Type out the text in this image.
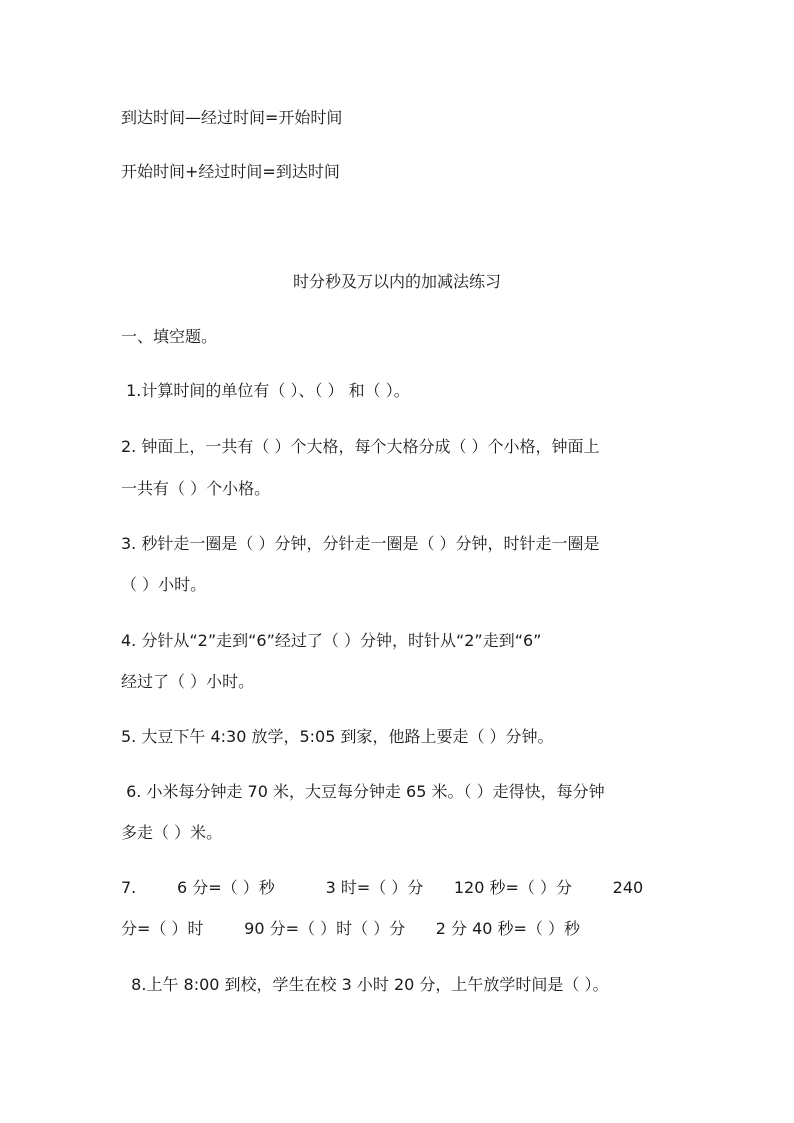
到达时间—经过时间=开始时间

开始时间+经过时间=到达时间

时分秒及万以内的加减法练习

一、填空题。

1.计算时间的单位有（ ）、（ ） 和（ ）。

2. 钟面上，一共有（ ）个大格，每个大格分成（ ）个小格，钟面上

一共有（ ）个小格。

3. 秒针走一圈是（ ）分钟，分针走一圈是（ ）分钟，时针走一圈是

（ ）小时。

4. 分针从“2”走到“6”经过了（ ）分钟，时针从“2”走到“6”

经过了（ ）小时。

5. 大豆下午 4:30 放学，5:05 到家，他路上要走（ ）分钟。

6. 小米每分钟走 70 米，大豆每分钟走 65 米。（ ）走得快，每分钟

多走（ ）米。

7.        6 分=（ ）秒          3 时=（ ）分      120 秒=（ ）分        240

分=（ ）时        90 分=（ ）时（ ）分      2 分 40 秒=（ ）秒

8.上午 8:00 到校，学生在校 3 小时 20 分，上午放学时间是（ ）。
